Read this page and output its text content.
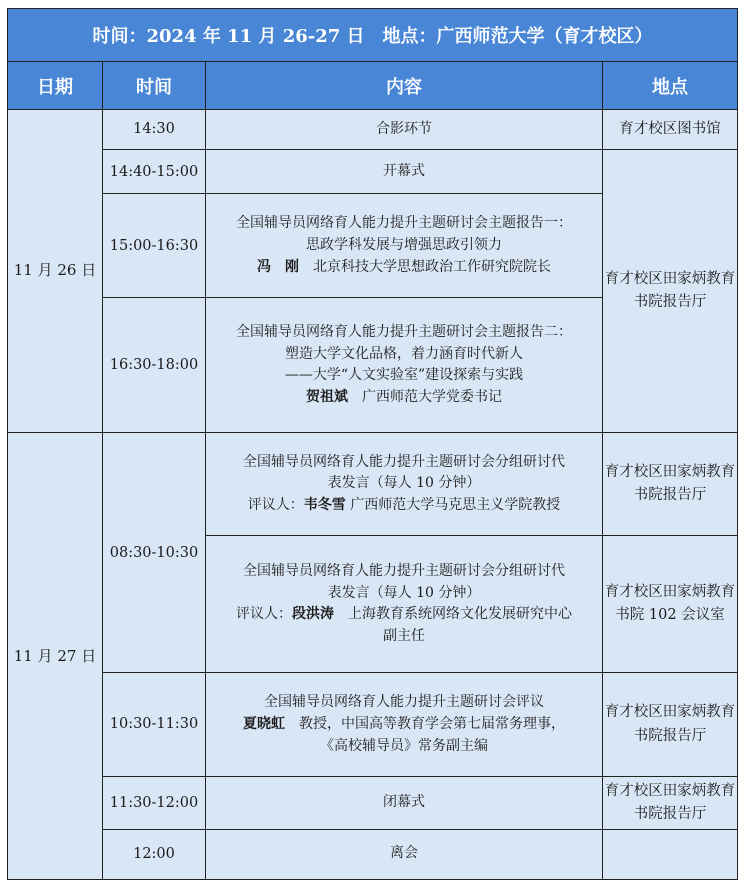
时间：2024 年 11 月 26-27 日　地点：广西师范大学（育才校区）			
日期	时间	内容	地点
11 月 26 日	14:30	合影环节	育才校区图书馆
	14:40-15:00	开幕式	育才校区田家炳教育书院报告厅
	15:00-16:30	全国辅导员网络育人能力提升主题研讨会主题报告一：

思政学科发展与增强思政引领力

冯　刚 北京科技大学思想政治工作研究院院长	

	16:30-18:00	全国辅导员网络育人能力提升主题研讨会主题报告二：

塑造大学文化品格，着力涵育时代新人

——大学“人文实验室”建设探索与实践

贺祖斌 广西师范大学党委书记	

11 月 27 日	08:30-10:30	全国辅导员网络育人能力提升主题研讨会分组研讨代

表发言（每人 10 分钟）

评议人：韦冬雪 广西师范大学马克思主义学院教授	育才校区田家炳教育书院报告厅

		全国辅导员网络育人能力提升主题研讨会分组研讨代

表发言（每人 10 分钟）

评议人：段洪涛 上海教育系统网络文化发展研究中心

副主任	育才校区田家炳教育书院 102 会议室
	10:30-11:30	全国辅导员网络育人能力提升主题研讨会评议

夏晓虹 教授，中国高等教育学会第七届常务理事，

《高校辅导员》常务副主编	育才校区田家炳教育书院报告厅
	11:30-12:00	闭幕式	育才校区田家炳教育书院报告厅
	12:00	离会	
